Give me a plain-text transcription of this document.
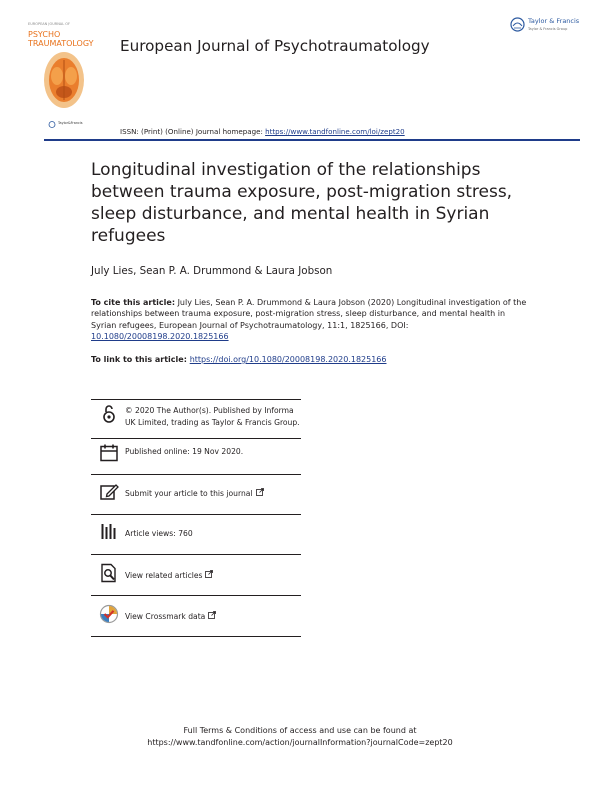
EUROPEAN JOURNAL OF
PSYCHO
TRAUMATOLOGY European Journal of Psychotraumatology
Taylor & Francis
Taylor & Francis Group
Taylor&Francis
ISSN: (Print) (Online) Journal homepage: https://www.tandfonline.com/loi/zept20
Longitudinal investigation of the relationships between trauma exposure, post-migration stress, sleep disturbance, and mental health in Syrian refugees
July Lies, Sean P. A. Drummond & Laura Jobson
To cite this article: July Lies, Sean P. A. Drummond & Laura Jobson (2020) Longitudinal investigation of the relationships between trauma exposure, post-migration stress, sleep disturbance, and mental health in Syrian refugees, European Journal of Psychotraumatology, 11:1, 1825166, DOI: 10.1080/20008198.2020.1825166
To link to this article: https://doi.org/10.1080/20008198.2020.1825166
© 2020 The Author(s). Published by Informa UK Limited, trading as Taylor & Francis Group.
Published online: 19 Nov 2020.
Submit your article to this journal
Article views: 760
View related articles
View Crossmark data
Full Terms & Conditions of access and use can be found at
https://www.tandfonline.com/action/journalInformation?journalCode=zept20
